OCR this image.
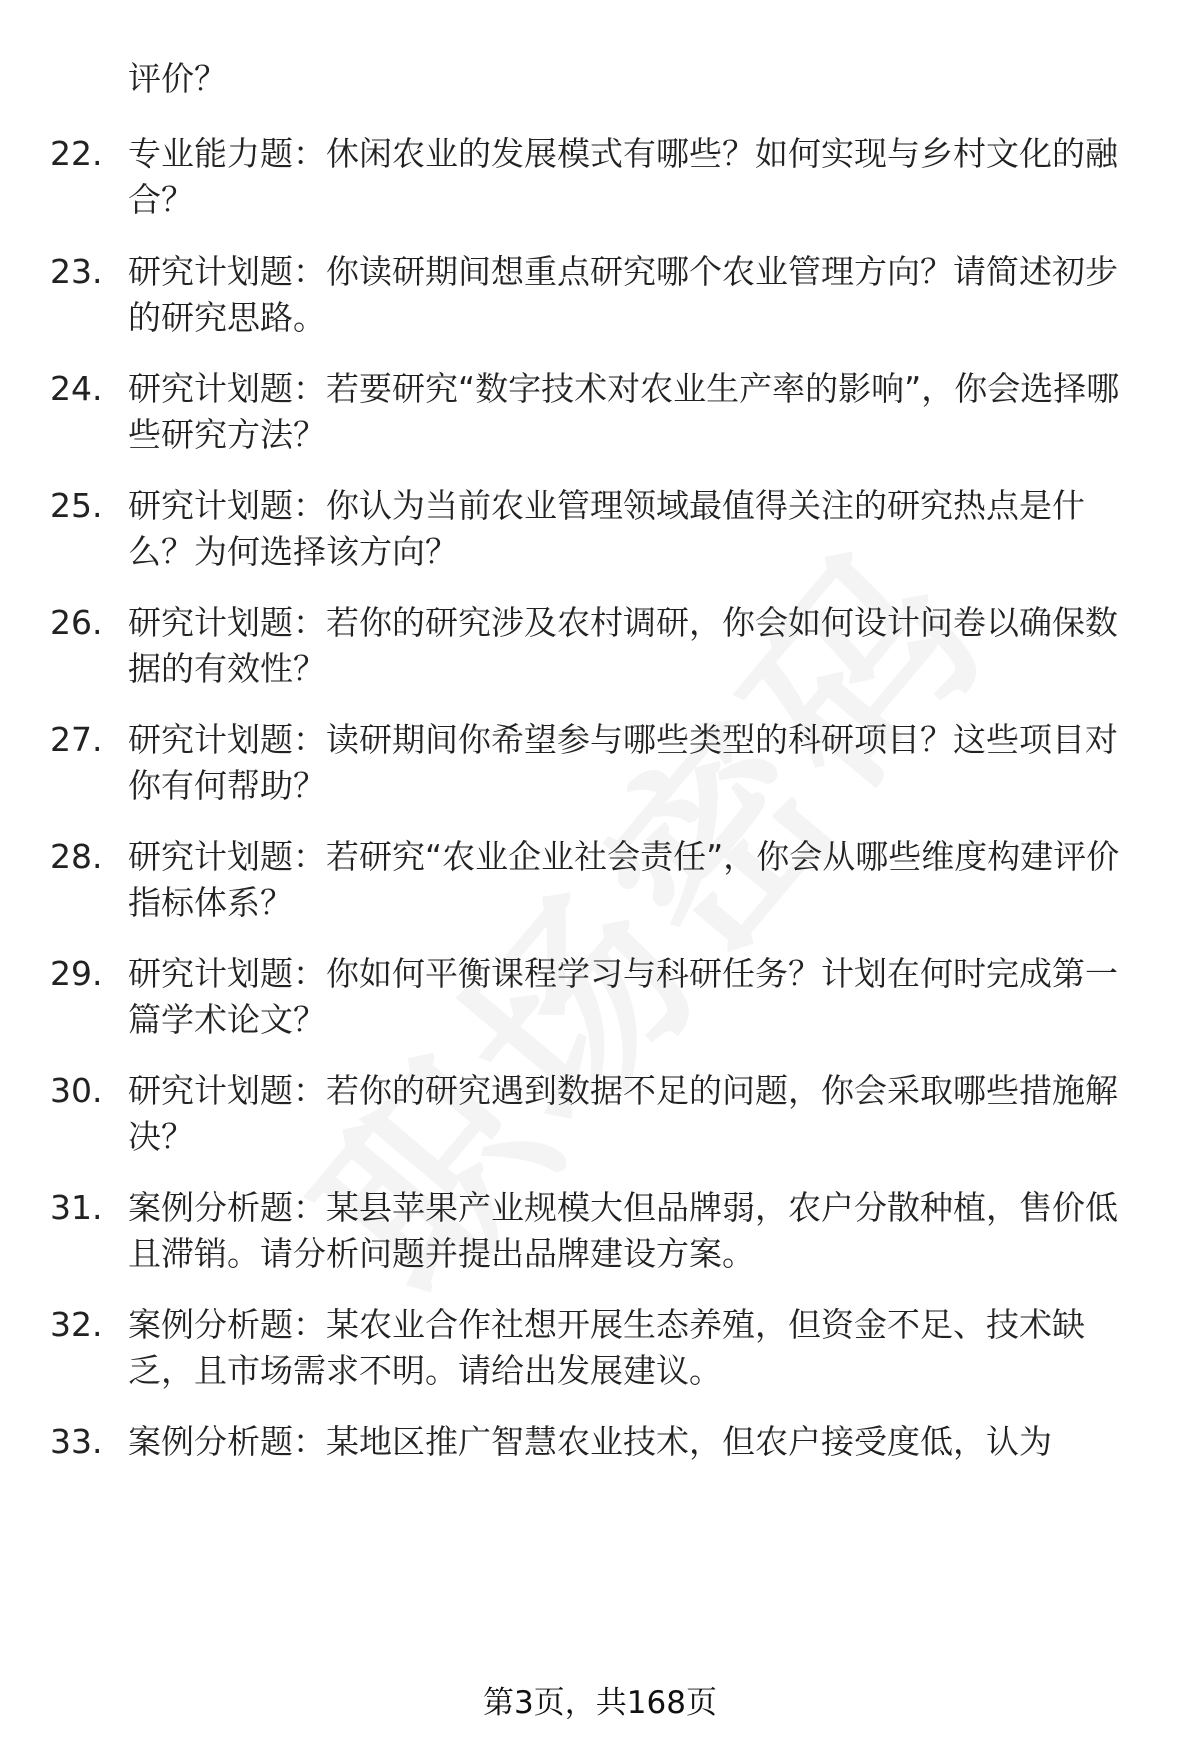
评价？
22. 专业能力题：休闲农业的发展模式有哪些？如何实现与乡村文化的融合？
23. 研究计划题：你读研期间想重点研究哪个农业管理方向？请简述初步的研究思路。
24. 研究计划题：若要研究“数字技术对农业生产率的影响”，你会选择哪些研究方法？
25. 研究计划题：你认为当前农业管理领域最值得关注的研究热点是什么？为何选择该方向？
26. 研究计划题：若你的研究涉及农村调研，你会如何设计问卷以确保数据的有效性？
27. 研究计划题：读研期间你希望参与哪些类型的科研项目？这些项目对你有何帮助？
28. 研究计划题：若研究“农业企业社会责任”，你会从哪些维度构建评价指标体系？
29. 研究计划题：你如何平衡课程学习与科研任务？计划在何时完成第一篇学术论文？
30. 研究计划题：若你的研究遇到数据不足的问题，你会采取哪些措施解决？
31. 案例分析题：某县苹果产业规模大但品牌弱，农户分散种植，售价低且滞销。请分析问题并提出品牌建设方案。
32. 案例分析题：某农业合作社想开展生态养殖，但资金不足、技术缺乏，且市场需求不明。请给出发展建议。
33. 案例分析题：某地区推广智慧农业技术，但农户接受度低，认为
第3页，共168页
